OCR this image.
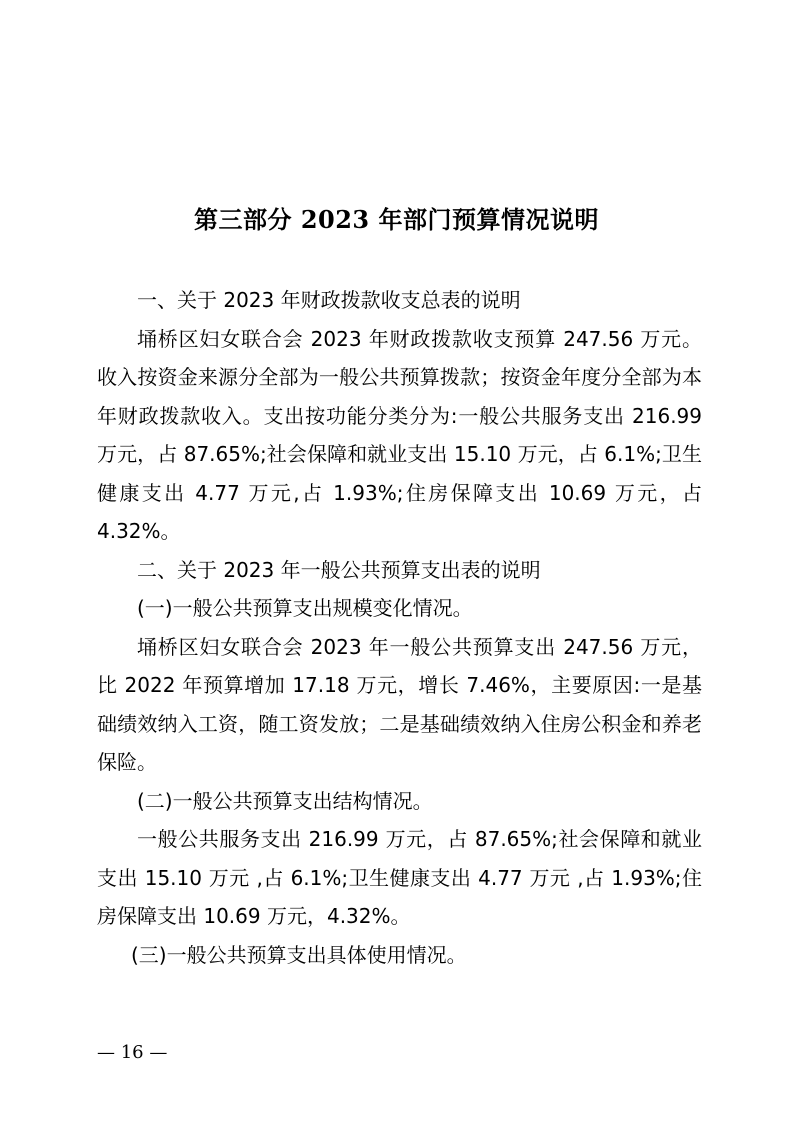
第三部分 2023 年部门预算情况说明

一、关于 2023 年财政拨款收支总表的说明

埇桥区妇女联合会 2023 年财政拨款收支预算 247.56 万元。收入按资金来源分全部为一般公共预算拨款；按资金年度分全部为本年财政拨款收入。支出按功能分类分为:一般公共服务支出 216.99 万元，占 87.65%;社会保障和就业支出 15.10 万元，占 6.1%;卫生健康支出 4.77 万元,占 1.93%;住房保障支出 10.69 万元，占 4.32%。

二、关于 2023 年一般公共预算支出表的说明

(一)一般公共预算支出规模变化情况。

埇桥区妇女联合会 2023 年一般公共预算支出 247.56 万元，比 2022 年预算增加 17.18 万元，增长 7.46%，主要原因:一是基础绩效纳入工资，随工资发放；二是基础绩效纳入住房公积金和养老保险。

(二)一般公共预算支出结构情况。

一般公共服务支出 216.99 万元，占 87.65%;社会保障和就业支出 15.10 万元 ,占 6.1%;卫生健康支出 4.77 万元 ,占 1.93%;住房保障支出 10.69 万元，4.32%。

(三)一般公共预算支出具体使用情况。

— 16 —
